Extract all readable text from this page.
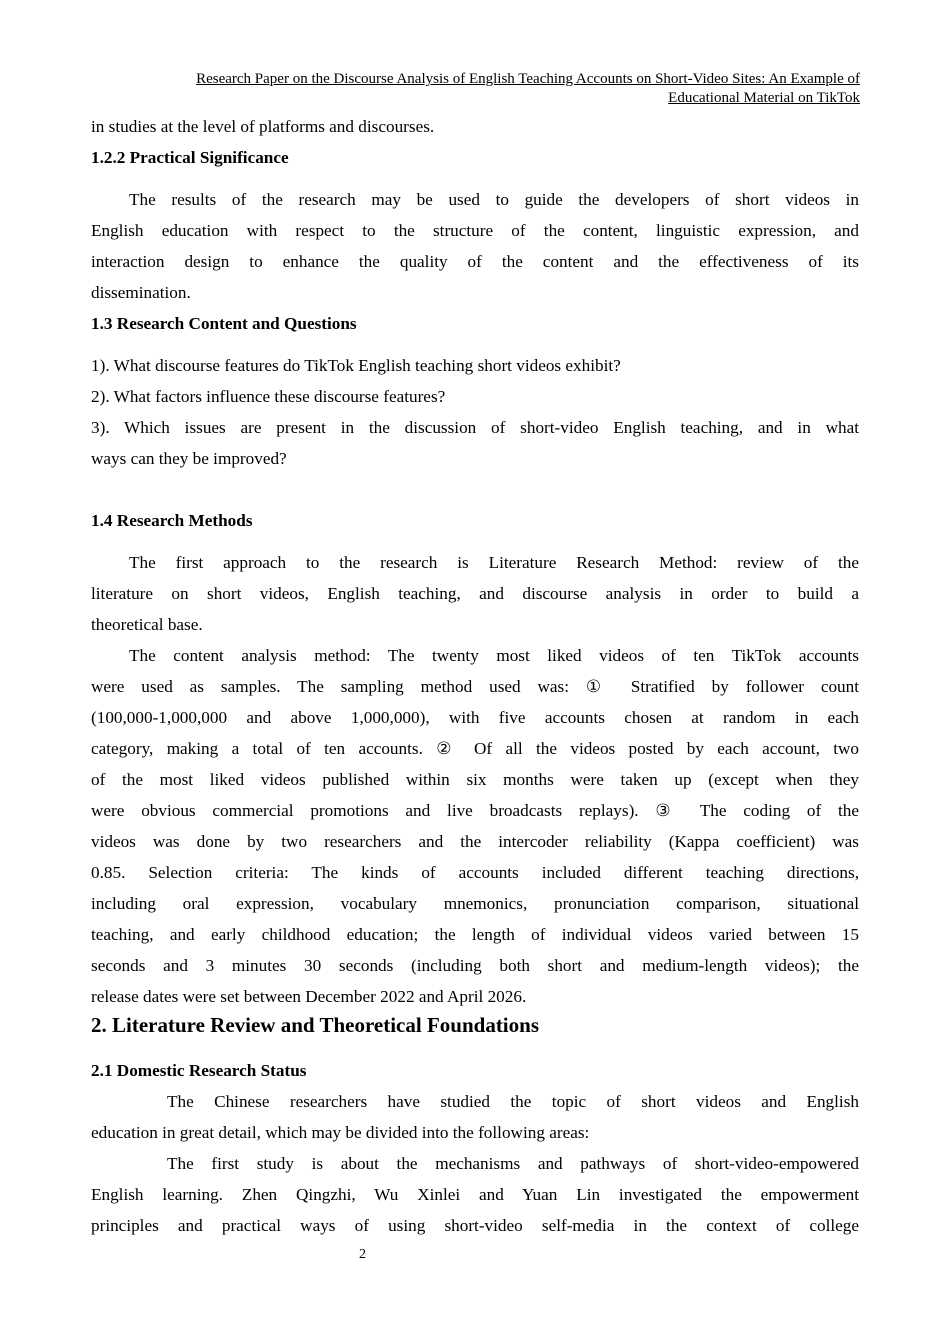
Research Paper on the Discourse Analysis of English Teaching Accounts on Short-Video Sites: An Example of
Educational Material on TikTok
in studies at the level of platforms and discourses.
1.2.2 Practical Significance
The results of the research may be used to guide the developers of short videos in
English education with respect to the structure of the content, linguistic expression, and
interaction design to enhance the quality of the content and the effectiveness of its
dissemination.
1.3 Research Content and Questions
1). What discourse features do TikTok English teaching short videos exhibit?
2). What factors influence these discourse features?
3). Which issues are present in the discussion of short-video English teaching, and in what
ways can they be improved?
1.4 Research Methods
The first approach to the research is Literature Research Method: review of the
literature on short videos, English teaching, and discourse analysis in order to build a
theoretical base.
The content analysis method: The twenty most liked videos of ten TikTok accounts
were used as samples. The sampling method used was: ① Stratified by follower count
(100,000-1,000,000 and above 1,000,000), with five accounts chosen at random in each
category, making a total of ten accounts. ② Of all the videos posted by each account, two
of the most liked videos published within six months were taken up (except when they
were obvious commercial promotions and live broadcasts replays). ③ The coding of the
videos was done by two researchers and the intercoder reliability (Kappa coefficient) was
0.85. Selection criteria: The kinds of accounts included different teaching directions,
including oral expression, vocabulary mnemonics, pronunciation comparison, situational
teaching, and early childhood education; the length of individual videos varied between 15
seconds and 3 minutes 30 seconds (including both short and medium-length videos); the
release dates were set between December 2022 and April 2026.
2. Literature Review and Theoretical Foundations
2.1 Domestic Research Status
The Chinese researchers have studied the topic of short videos and English
education in great detail, which may be divided into the following areas:
The first study is about the mechanisms and pathways of short-video-empowered
English learning. Zhen Qingzhi, Wu Xinlei and Yuan Lin investigated the empowerment
principles and practical ways of using short-video self-media in the context of college
2
